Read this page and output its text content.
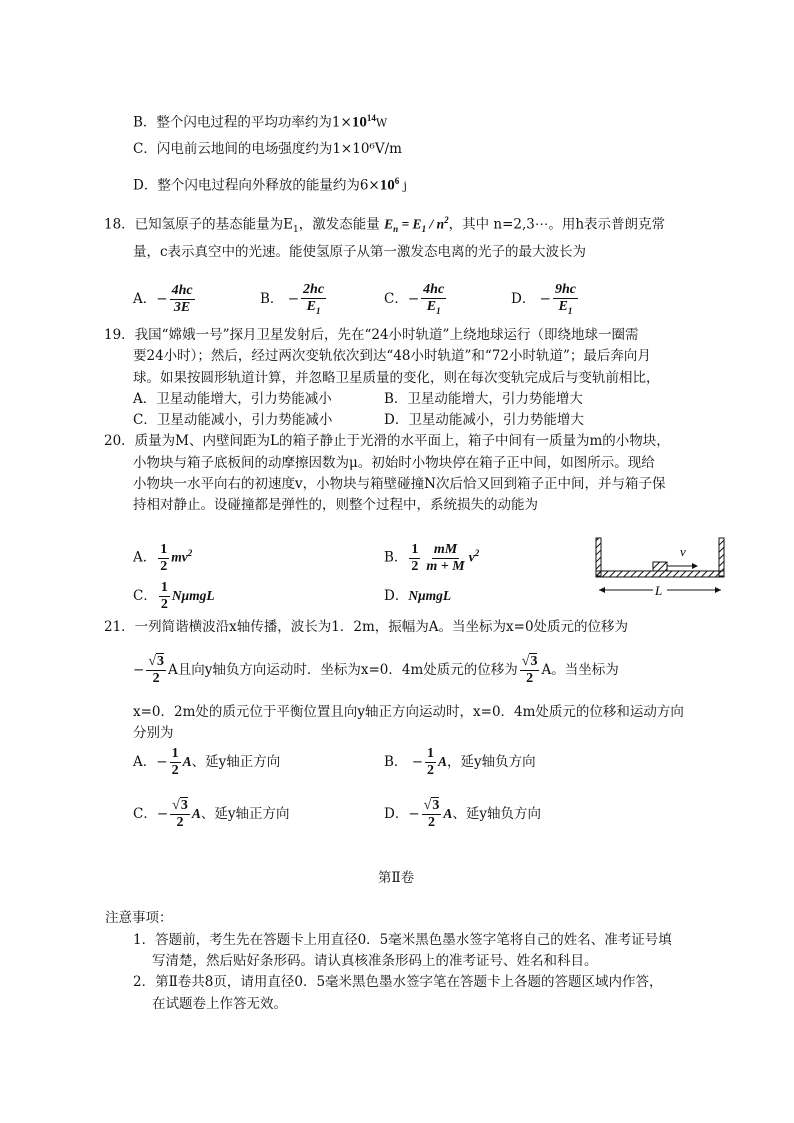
B．整个闪电过程的平均功率约为$1\times 10^{14}W$
C．闪电前云地间的电场强度约为1×10⁶V/m
D．整个闪电过程向外释放的能量约为$6\times 10^6$ j
18．已知氢原子的基态能量为$E_1$，激发态能量 $E_n = E_1 / n^2$，其中 n=2,3⋯。用h表示普朗克常
量，c表示真空中的光速。能使氢原子从第一激发态电离的光子的最大波长为
A．− $\frac{4hc}{3E}$	B． − $\frac{2hc}{E_1}$	C．− $\frac{4hc}{E_1}$	D． − $\frac{9hc}{E_1}$
19．我国“嫦娥一号”探月卫星发射后，先在“24小时轨道”上绕地球运行（即绕地球一圈需
要24小时）；然后，经过两次变轨依次到达“48小时轨道”和“72小时轨道”；最后奔向月
球。如果按圆形轨道计算，并忽略卫星质量的变化，则在每次变轨完成后与变轨前相比，
A．卫星动能增大，引力势能减小	B．卫星动能增大，引力势能增大
C．卫星动能减小，引力势能减小	D．卫星动能减小，引力势能增大
20．质量为M、内壁间距为L的箱子静止于光滑的水平面上，箱子中间有一质量为m的小物块，
小物块与箱子底板间的动摩擦因数为μ。初始时小物块停在箱子正中间，如图所示。现给
小物块一水平向右的初速度v，小物块与箱壁碰撞N次后恰又回到箱子正中间，并与箱子保
持相对静止。设碰撞都是弹性的，则整个过程中，系统损失的动能为
A． $\frac{1}{2} mv^2$	B． $\frac{1}{2} \frac{mM}{m + M} v^2$
C． $\frac{1}{2}$ NμmgL	D．NμmgL
v
L
21．一列简谐横波沿x轴传播，波长为1．2m，振幅为A。当坐标为x=0处质元的位移为
− $\frac{√3}{2}$ A且向y轴负方向运动时．坐标为x=0．4m处质元的位移为 $\frac{√3}{2}$ A。当坐标为
x=0．2m处的质元位于平衡位置且向y轴正方向运动时，x=0．4m处质元的位移和运动方向
分别为
A．− $\frac{1}{2}$ A、延y轴正方向	B． − $\frac{1}{2}$ A，延y轴负方向
C．− $\frac{√3}{2}$ A、延y轴正方向	D．− $\frac{√3}{2}$ A、延y轴负方向
第Ⅱ卷
注意事项：
1．答题前，考生先在答题卡上用直径0．5毫米黑色墨水签字笔将自己的姓名、准考证号填
写清楚，然后贴好条形码。请认真核准条形码上的准考证号、姓名和科目。
2．第Ⅱ卷共8页，请用直径0．5毫米黑色墨水签字笔在答题卡上各题的答题区域内作答，
在试题卷上作答无效。
